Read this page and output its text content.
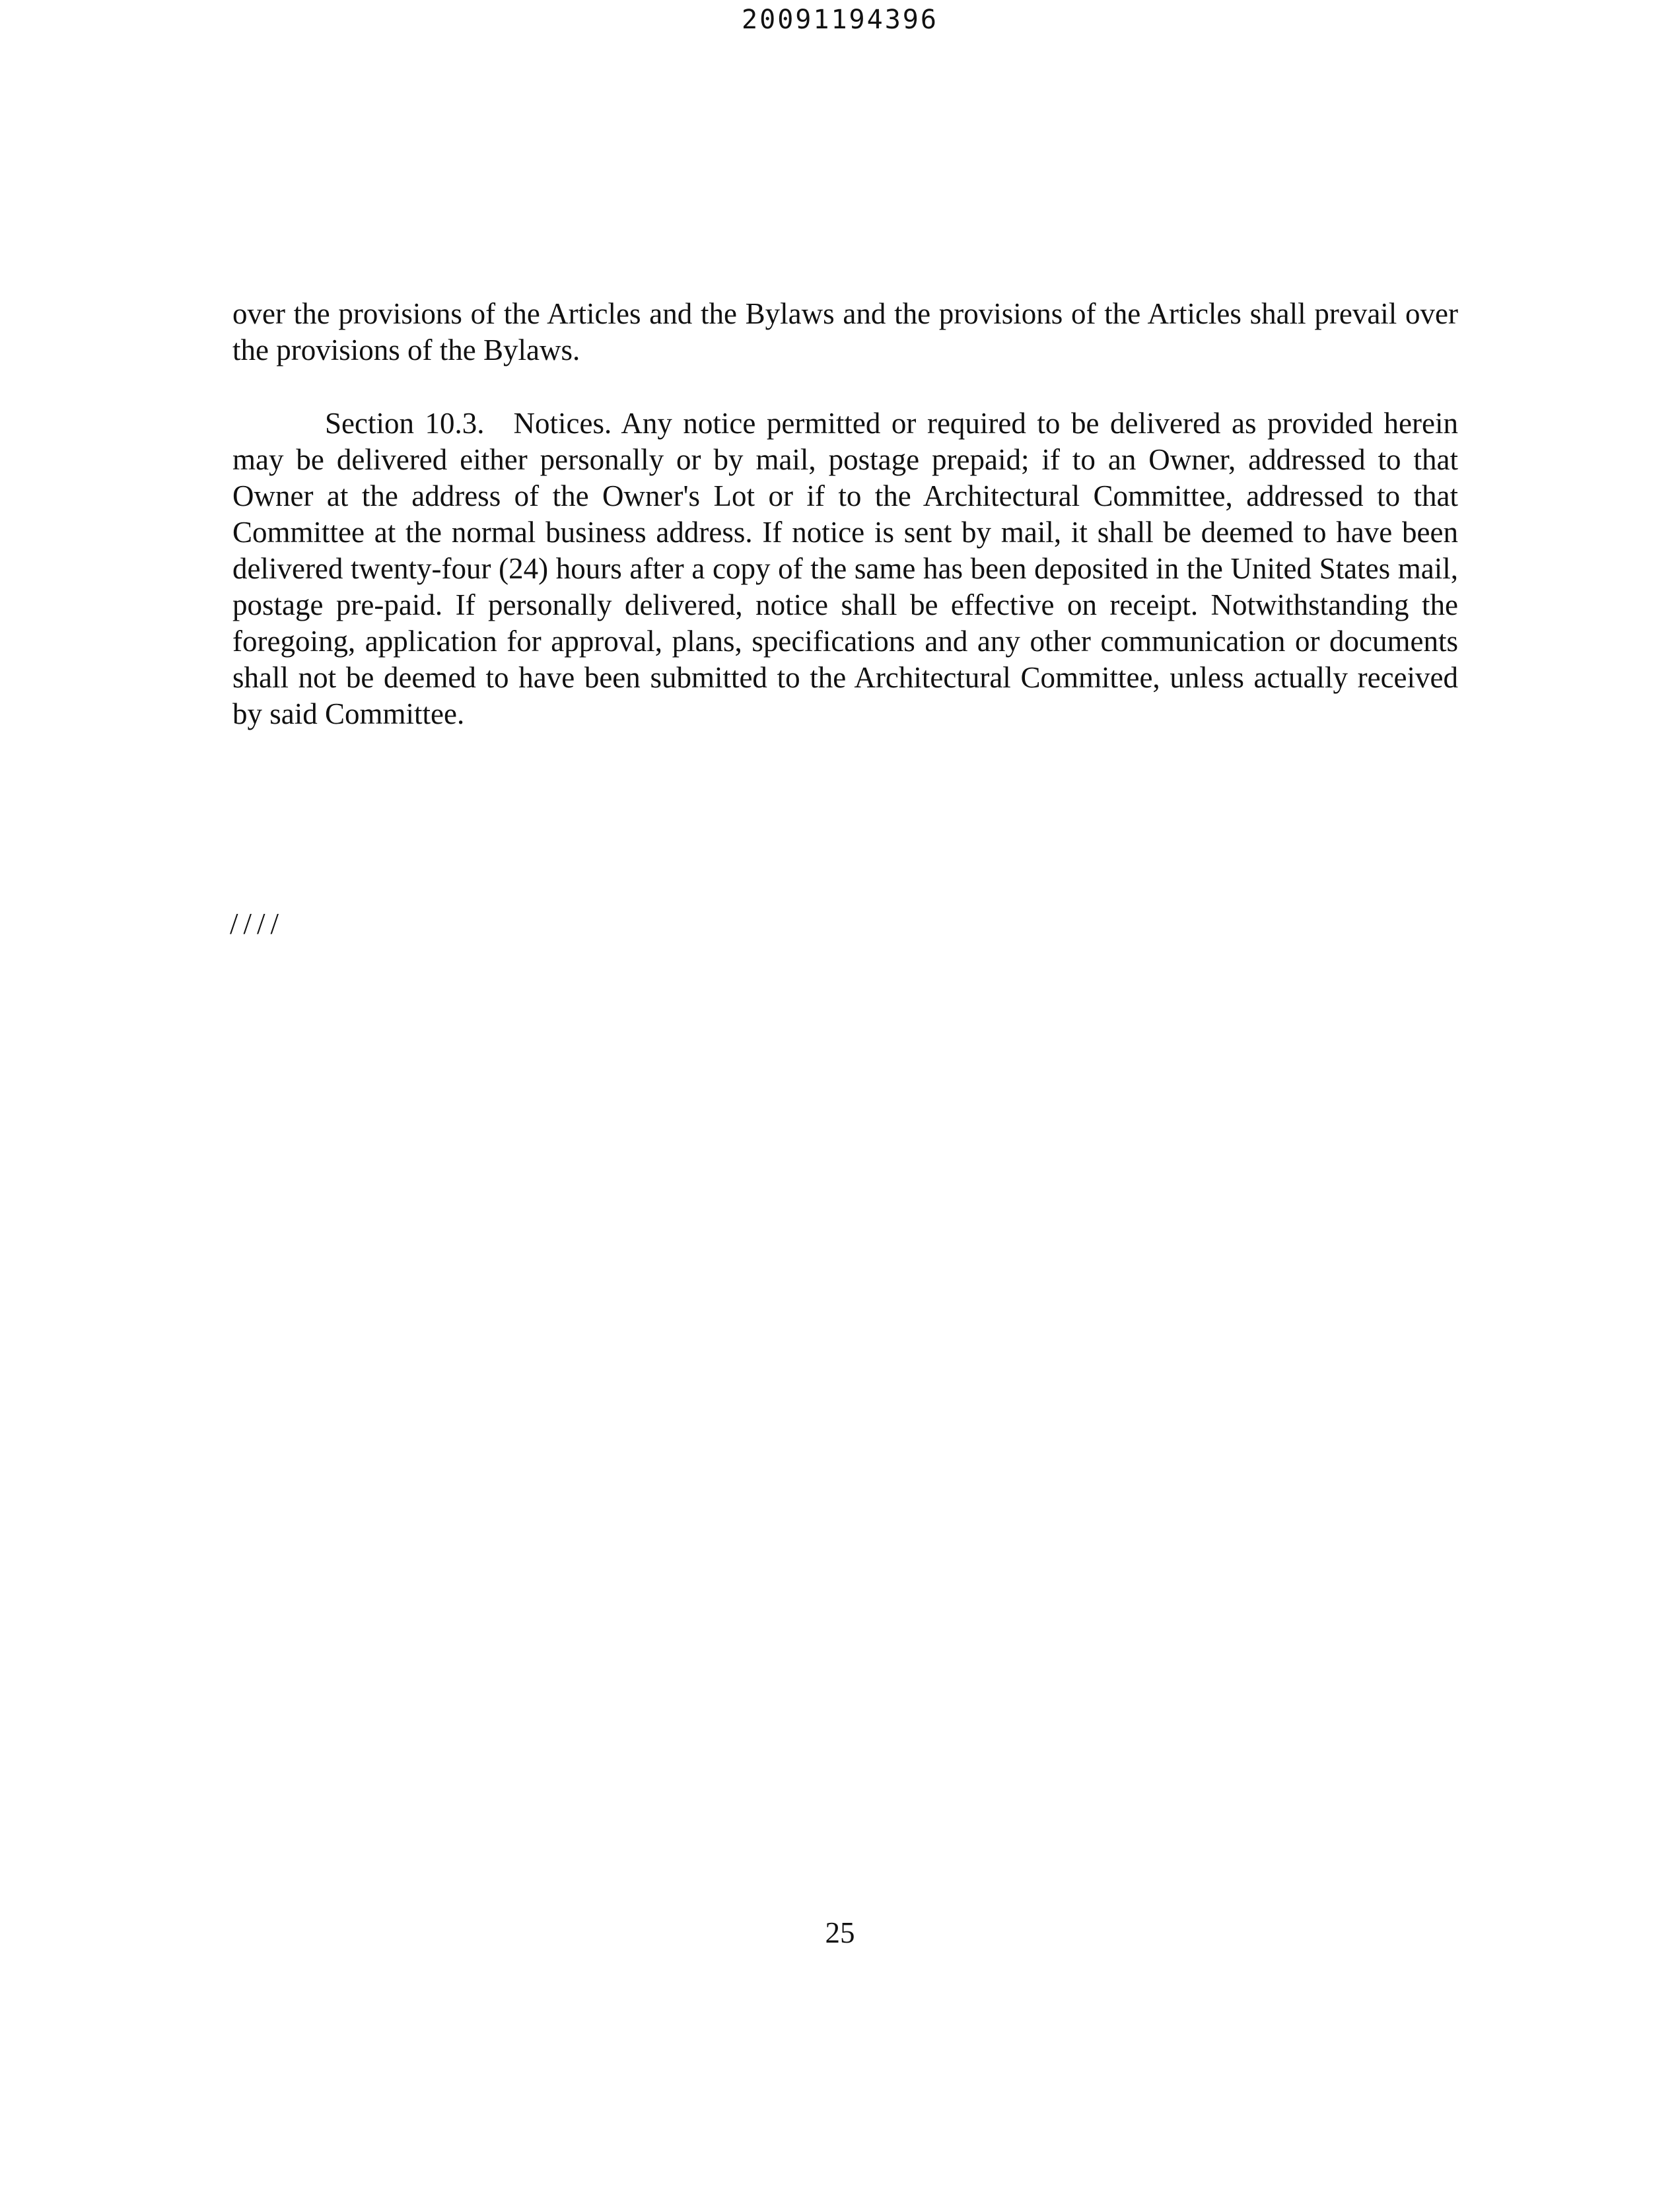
20091194396

over the provisions of the Articles and the Bylaws and the provisions of the Articles shall prevail over the provisions of the Bylaws.

Section 10.3. Notices. Any notice permitted or required to be delivered as provided herein may be delivered either personally or by mail, postage prepaid; if to an Owner, addressed to that Owner at the address of the Owner's Lot or if to the Architectural Committee, addressed to that Committee at the normal business address. If notice is sent by mail, it shall be deemed to have been delivered twenty-four (24) hours after a copy of the same has been deposited in the United States mail, postage pre-paid. If personally delivered, notice shall be effective on receipt. Notwithstanding the foregoing, application for approval, plans, specifications and any other communication or documents shall not be deemed to have been submitted to the Architectural Committee, unless actually received by said Committee.

////
25
